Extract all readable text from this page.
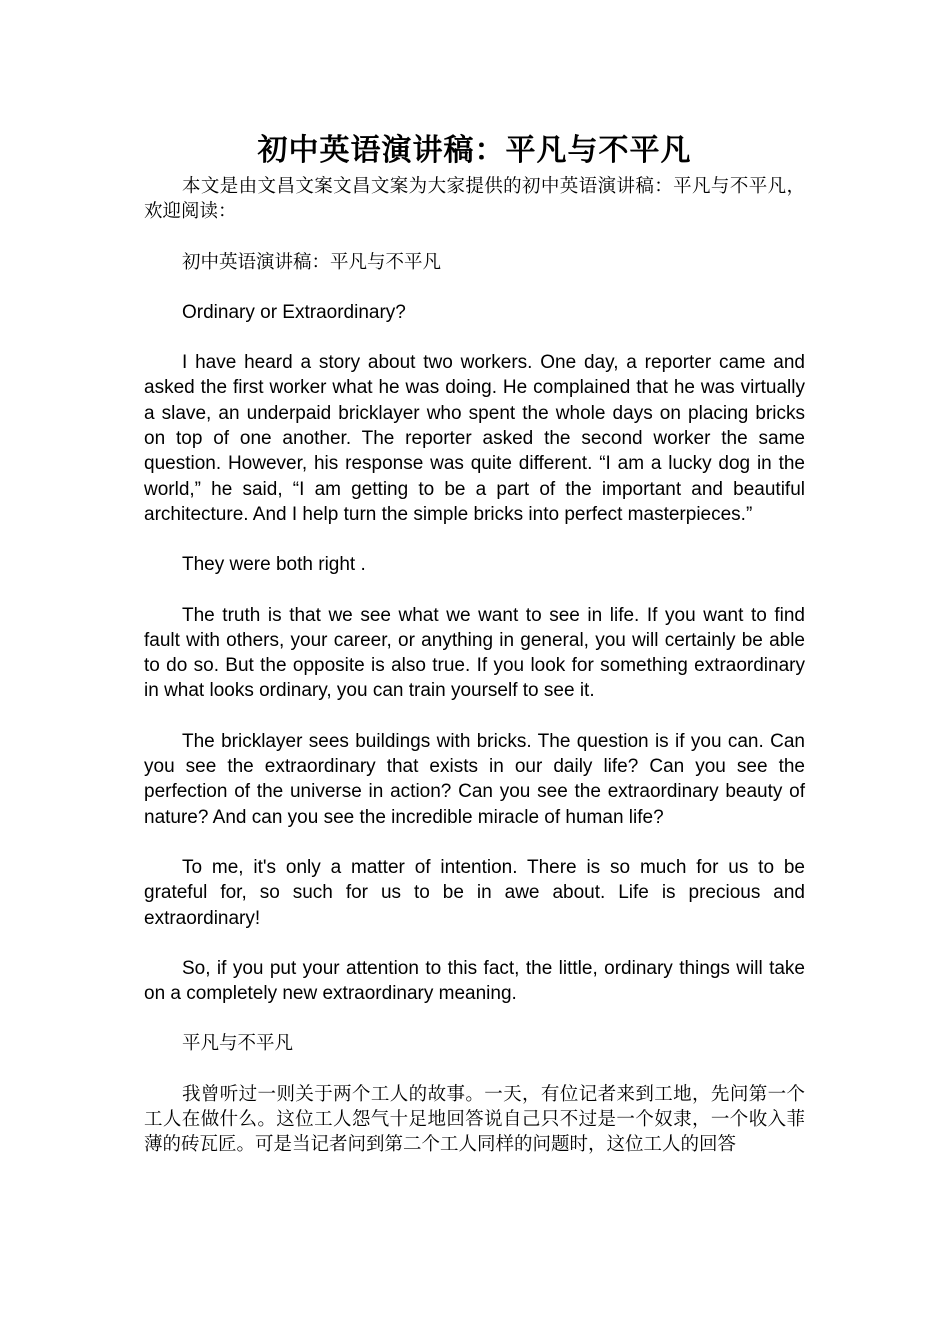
初中英语演讲稿：平凡与不平凡

本文是由文昌文案文昌文案为大家提供的初中英语演讲稿：平凡与不平凡，欢迎阅读：

初中英语演讲稿：平凡与不平凡

Ordinary or Extraordinary?

I have heard a story about two workers. One day, a reporter came and asked the first worker what he was doing. He complained that he was virtually a slave, an underpaid bricklayer who spent the whole days on placing bricks on top of one another. The reporter asked the second worker the same question. However, his response was quite different. “I am a lucky dog in the world,” he said, “I am getting to be a part of the important and beautiful architecture. And I help turn the simple bricks into perfect masterpieces.”

They were both right .

The truth is that we see what we want to see in life. If you want to find fault with others, your career, or anything in general, you will certainly be able to do so. But the opposite is also true. If you look for something extraordinary in what looks ordinary, you can train yourself to see it.

The bricklayer sees buildings with bricks. The question is if you can. Can you see the extraordinary that exists in our daily life? Can you see the perfection of the universe in action? Can you see the extraordinary beauty of nature? And can you see the incredible miracle of human life?

To me, it's only a matter of intention. There is so much for us to be grateful for, so such for us to be in awe about. Life is precious and extraordinary!

So, if you put your attention to this fact, the little, ordinary things will take on a completely new extraordinary meaning.

平凡与不平凡

我曾听过一则关于两个工人的故事。一天，有位记者来到工地，先问第一个工人在做什么。这位工人怨气十足地回答说自己只不过是一个奴隶，一个收入菲薄的砖瓦匠。可是当记者问到第二个工人同样的问题时，这位工人的回答
